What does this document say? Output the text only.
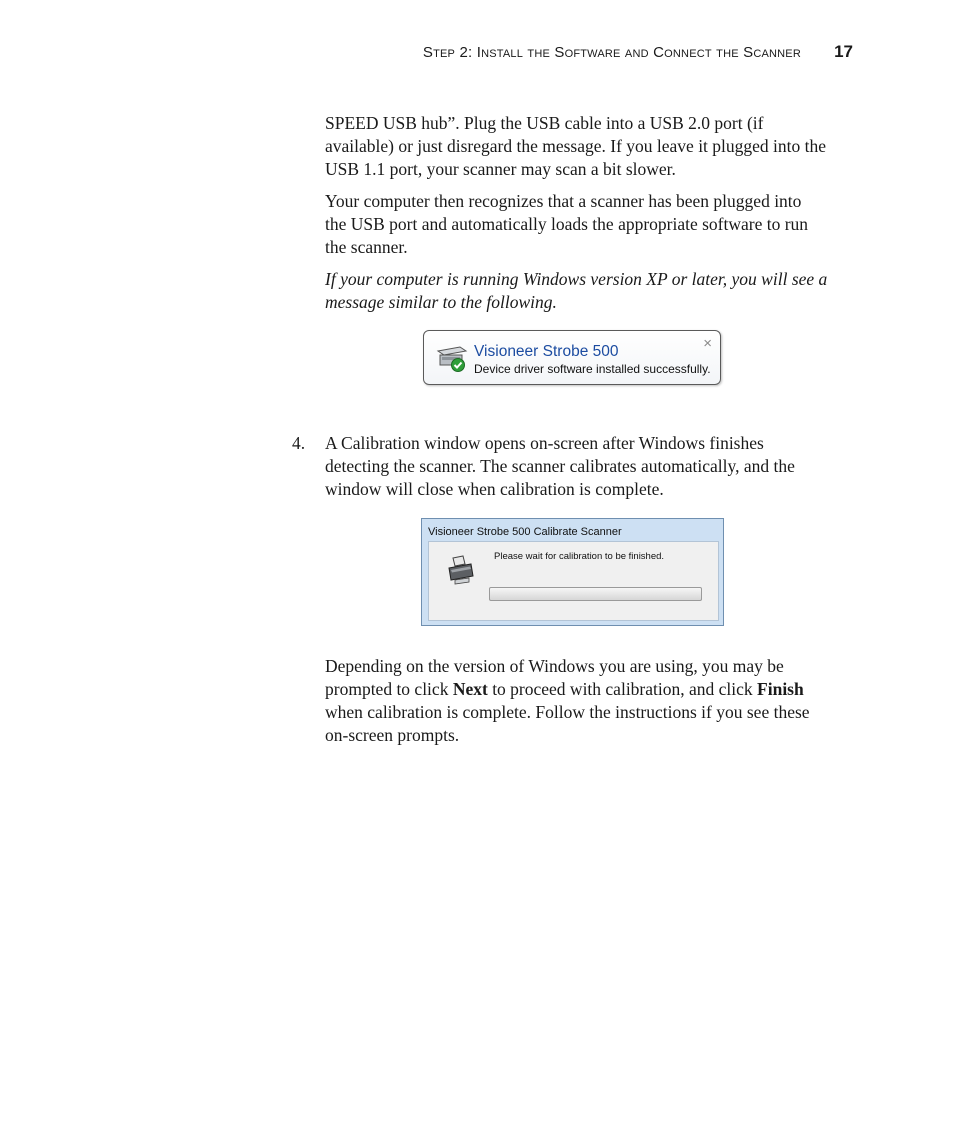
Step 2: Install the Software and Connect the Scanner 17
SPEED USB hub”. Plug the USB cable into a USB 2.0 port (if
available) or just disregard the message. If you leave it plugged into the
USB 1.1 port, your scanner may scan a bit slower.
Your computer then recognizes that a scanner has been plugged into
the USB port and automatically loads the appropriate software to run
the scanner.
If your computer is running Windows version XP or later, you will see a
message similar to the following.
Visioneer Strobe 500
Device driver software installed successfully.
×
4. A Calibration window opens on-screen after Windows finishes
detecting the scanner. The scanner calibrates automatically, and the
window will close when calibration is complete.
Visioneer Strobe 500 Calibrate Scanner
Please wait for calibration to be finished.
Depending on the version of Windows you are using, you may be
prompted to click Next to proceed with calibration, and click Finish
when calibration is complete. Follow the instructions if you see these
on-screen prompts.
